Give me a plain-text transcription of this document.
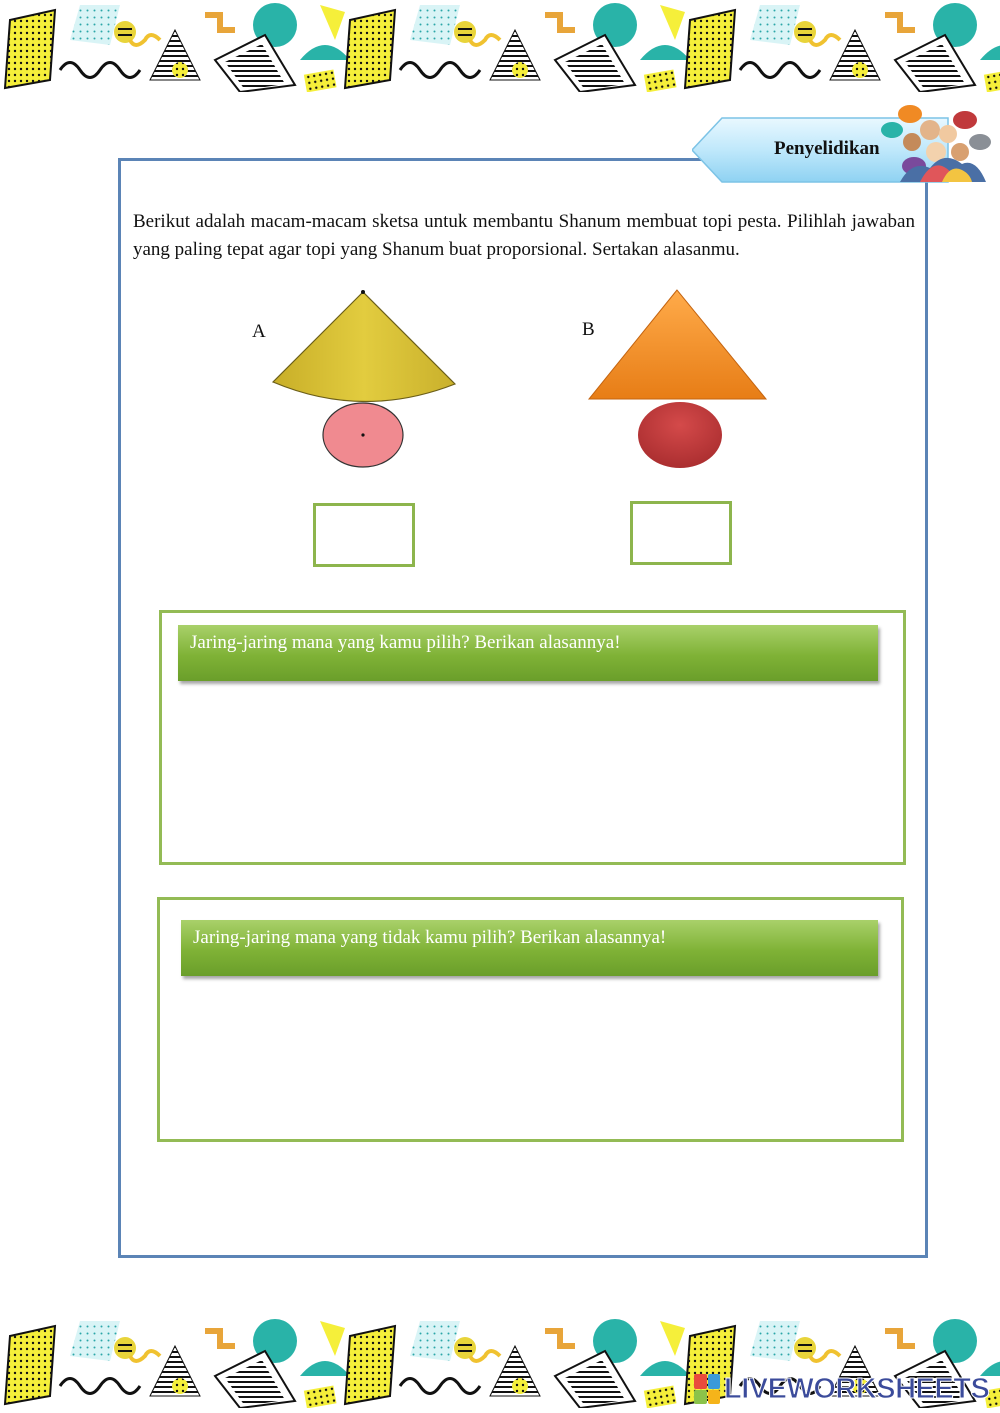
Penyelidikan

Berikut adalah macam-macam sketsa untuk membantu Shanum membuat topi pesta. Pilihlah jawaban yang paling tepat agar topi yang Shanum buat proporsional. Sertakan alasanmu.

A	B
Jaring-jaring mana yang kamu pilih? Berikan alasannya!
Jaring-jaring mana yang tidak kamu pilih? Berikan alasannya!
LIVEWORKSHEETS
